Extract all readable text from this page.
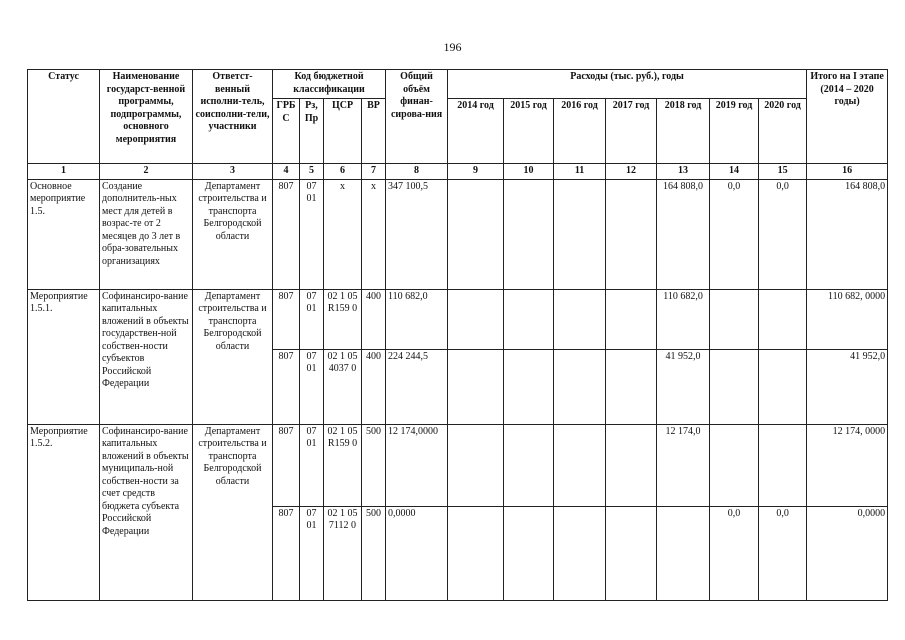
196
Статус	Наименование государст-венной программы, подпрограммы, основного мероприятия	Ответст-венный исполни-тель, соисполни-тели, участники	Код бюджетной классификации				Общий объём финан-сирова-ния	Расходы (тыс. руб.), годы							Итого на I этапе (2014 – 2020 годы)
			ГРБ С	Рз, Пр	ЦСР	ВР		2014 год	2015 год	2016 год	2017 год	2018 год	2019 год	2020 год	
1	2	3	4	5	6	7	8	9	10	11	12	13	14	15	16
Основное мероприятие 1.5.	Создание дополнитель-ных мест для детей в возрас-те от 2 месяцев до 3 лет в обра-зовательных организациях	Департамент строительства и транспорта Белгородской области	807	07 01	х	х	347 100,5					164 808,0	0,0	0,0	164 808,0
Мероприятие 1.5.1.	Софинансиро-вание капитальных вложений в объекты государствен-ной собствен-ности субъектов Российской Федерации	Департамент строительства и транспорта Белгородской области	807	07 01	02 1 05 R159 0	400	110 682,0					110 682,0			110 682, 0000
			807	07 01	02 1 05 4037 0	400	224 244,5					41 952,0			41 952,0
Мероприятие 1.5.2.	Софинансиро-вание капитальных вложений в объекты муниципаль-ной собствен-ности за счет средств бюджета субъекта Российской Федерации	Департамент строительства и транспорта Белгородской области	807	07 01	02 1 05 R159 0	500	12 174,0000					12 174,0			12 174, 0000
			807	07 01	02 1 05 7112 0	500	0,0000						0,0	0,0	0,0000
